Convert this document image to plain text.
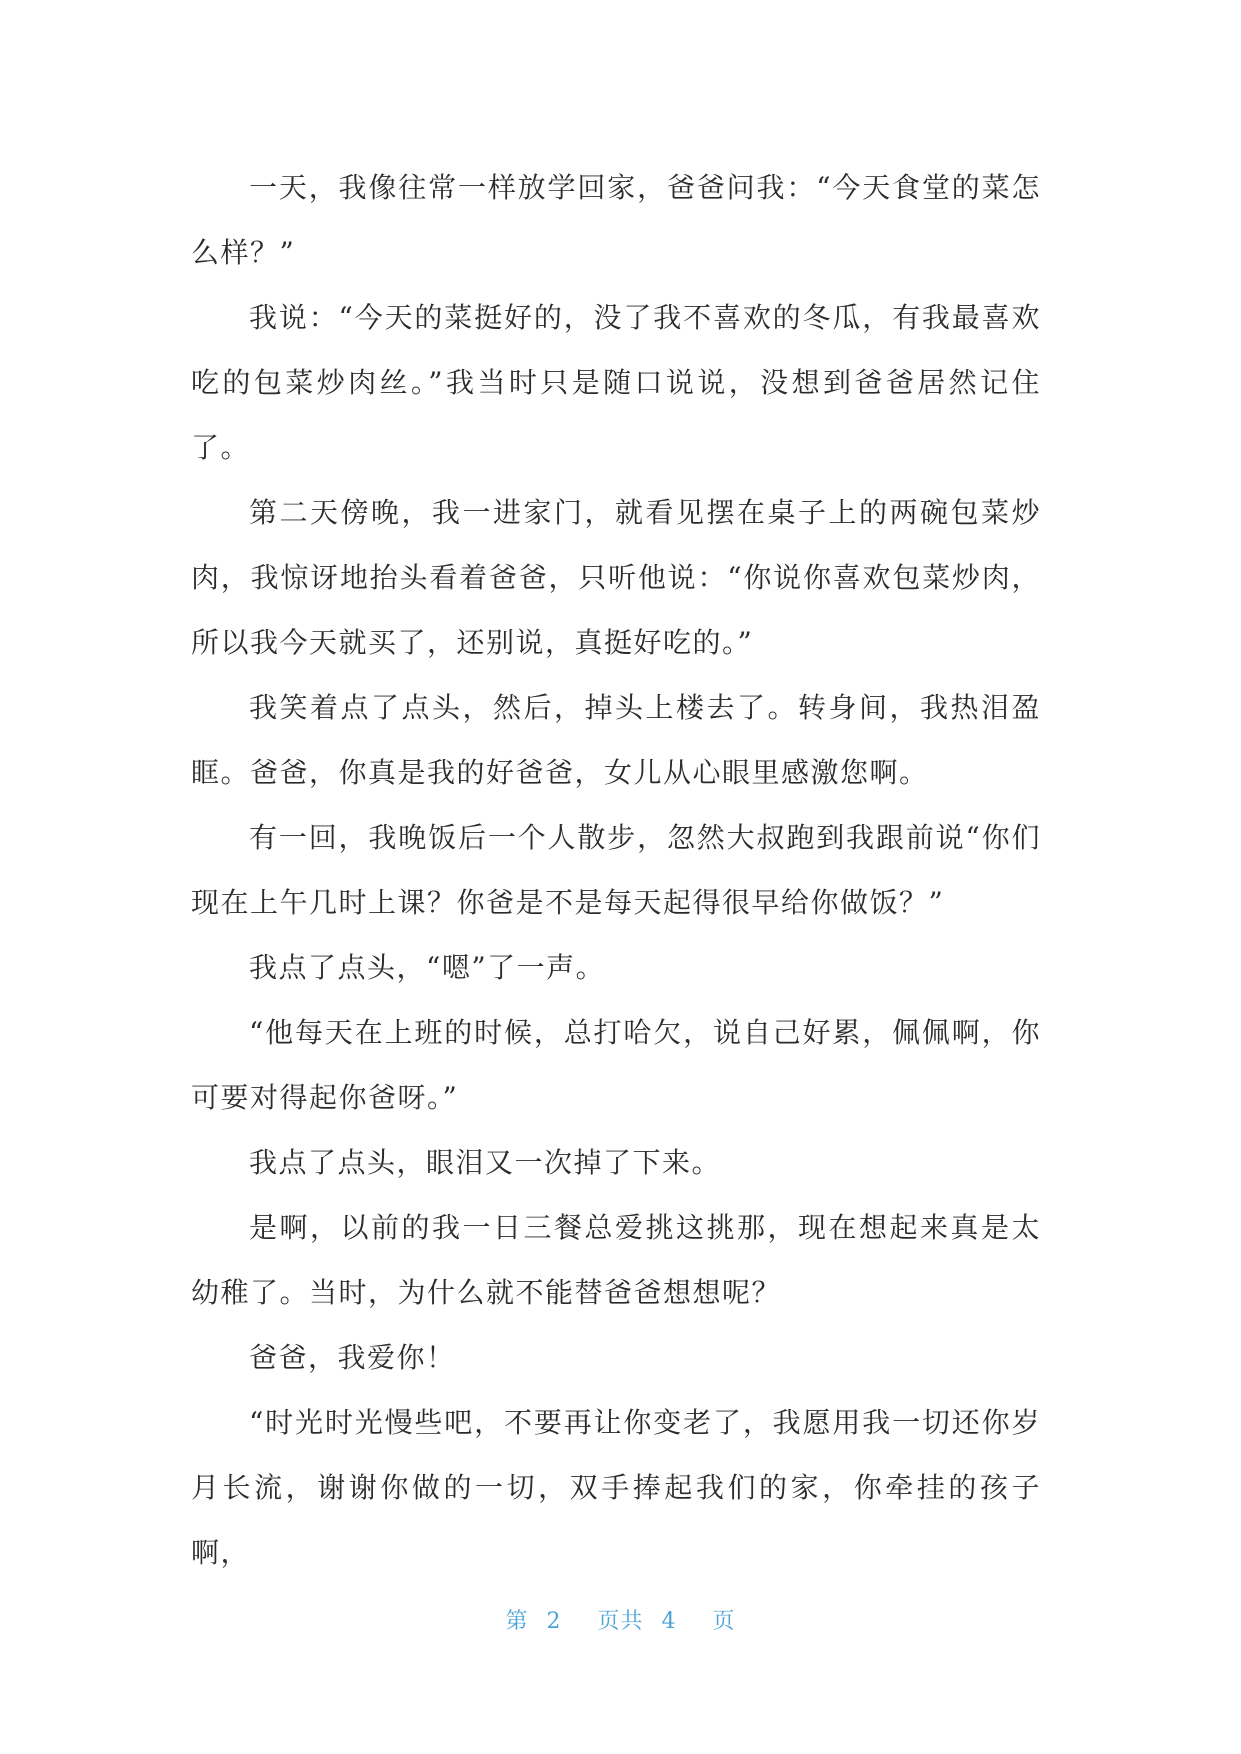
一天，我像往常一样放学回家，爸爸问我：“今天食堂的菜怎么样？”

我说：“今天的菜挺好的，没了我不喜欢的冬瓜，有我最喜欢吃的包菜炒肉丝。”我当时只是随口说说，没想到爸爸居然记住了。

第二天傍晚，我一进家门，就看见摆在桌子上的两碗包菜炒肉，我惊讶地抬头看着爸爸，只听他说：“你说你喜欢包菜炒肉，所以我今天就买了，还别说，真挺好吃的。”

我笑着点了点头，然后，掉头上楼去了。转身间，我热泪盈眶。爸爸，你真是我的好爸爸，女儿从心眼里感激您啊。

有一回，我晚饭后一个人散步，忽然大叔跑到我跟前说“你们现在上午几时上课？你爸是不是每天起得很早给你做饭？”

我点了点头，“嗯”了一声。

“他每天在上班的时候，总打哈欠，说自己好累，佩佩啊，你可要对得起你爸呀。”

我点了点头，眼泪又一次掉了下来。

是啊，以前的我一日三餐总爱挑这挑那，现在想起来真是太幼稚了。当时，为什么就不能替爸爸想想呢？

爸爸，我爱你！

“时光时光慢些吧，不要再让你变老了，我愿用我一切还你岁月长流，谢谢你做的一切，双手捧起我们的家，你牵挂的孩子啊，

第 2 页共 4 页
